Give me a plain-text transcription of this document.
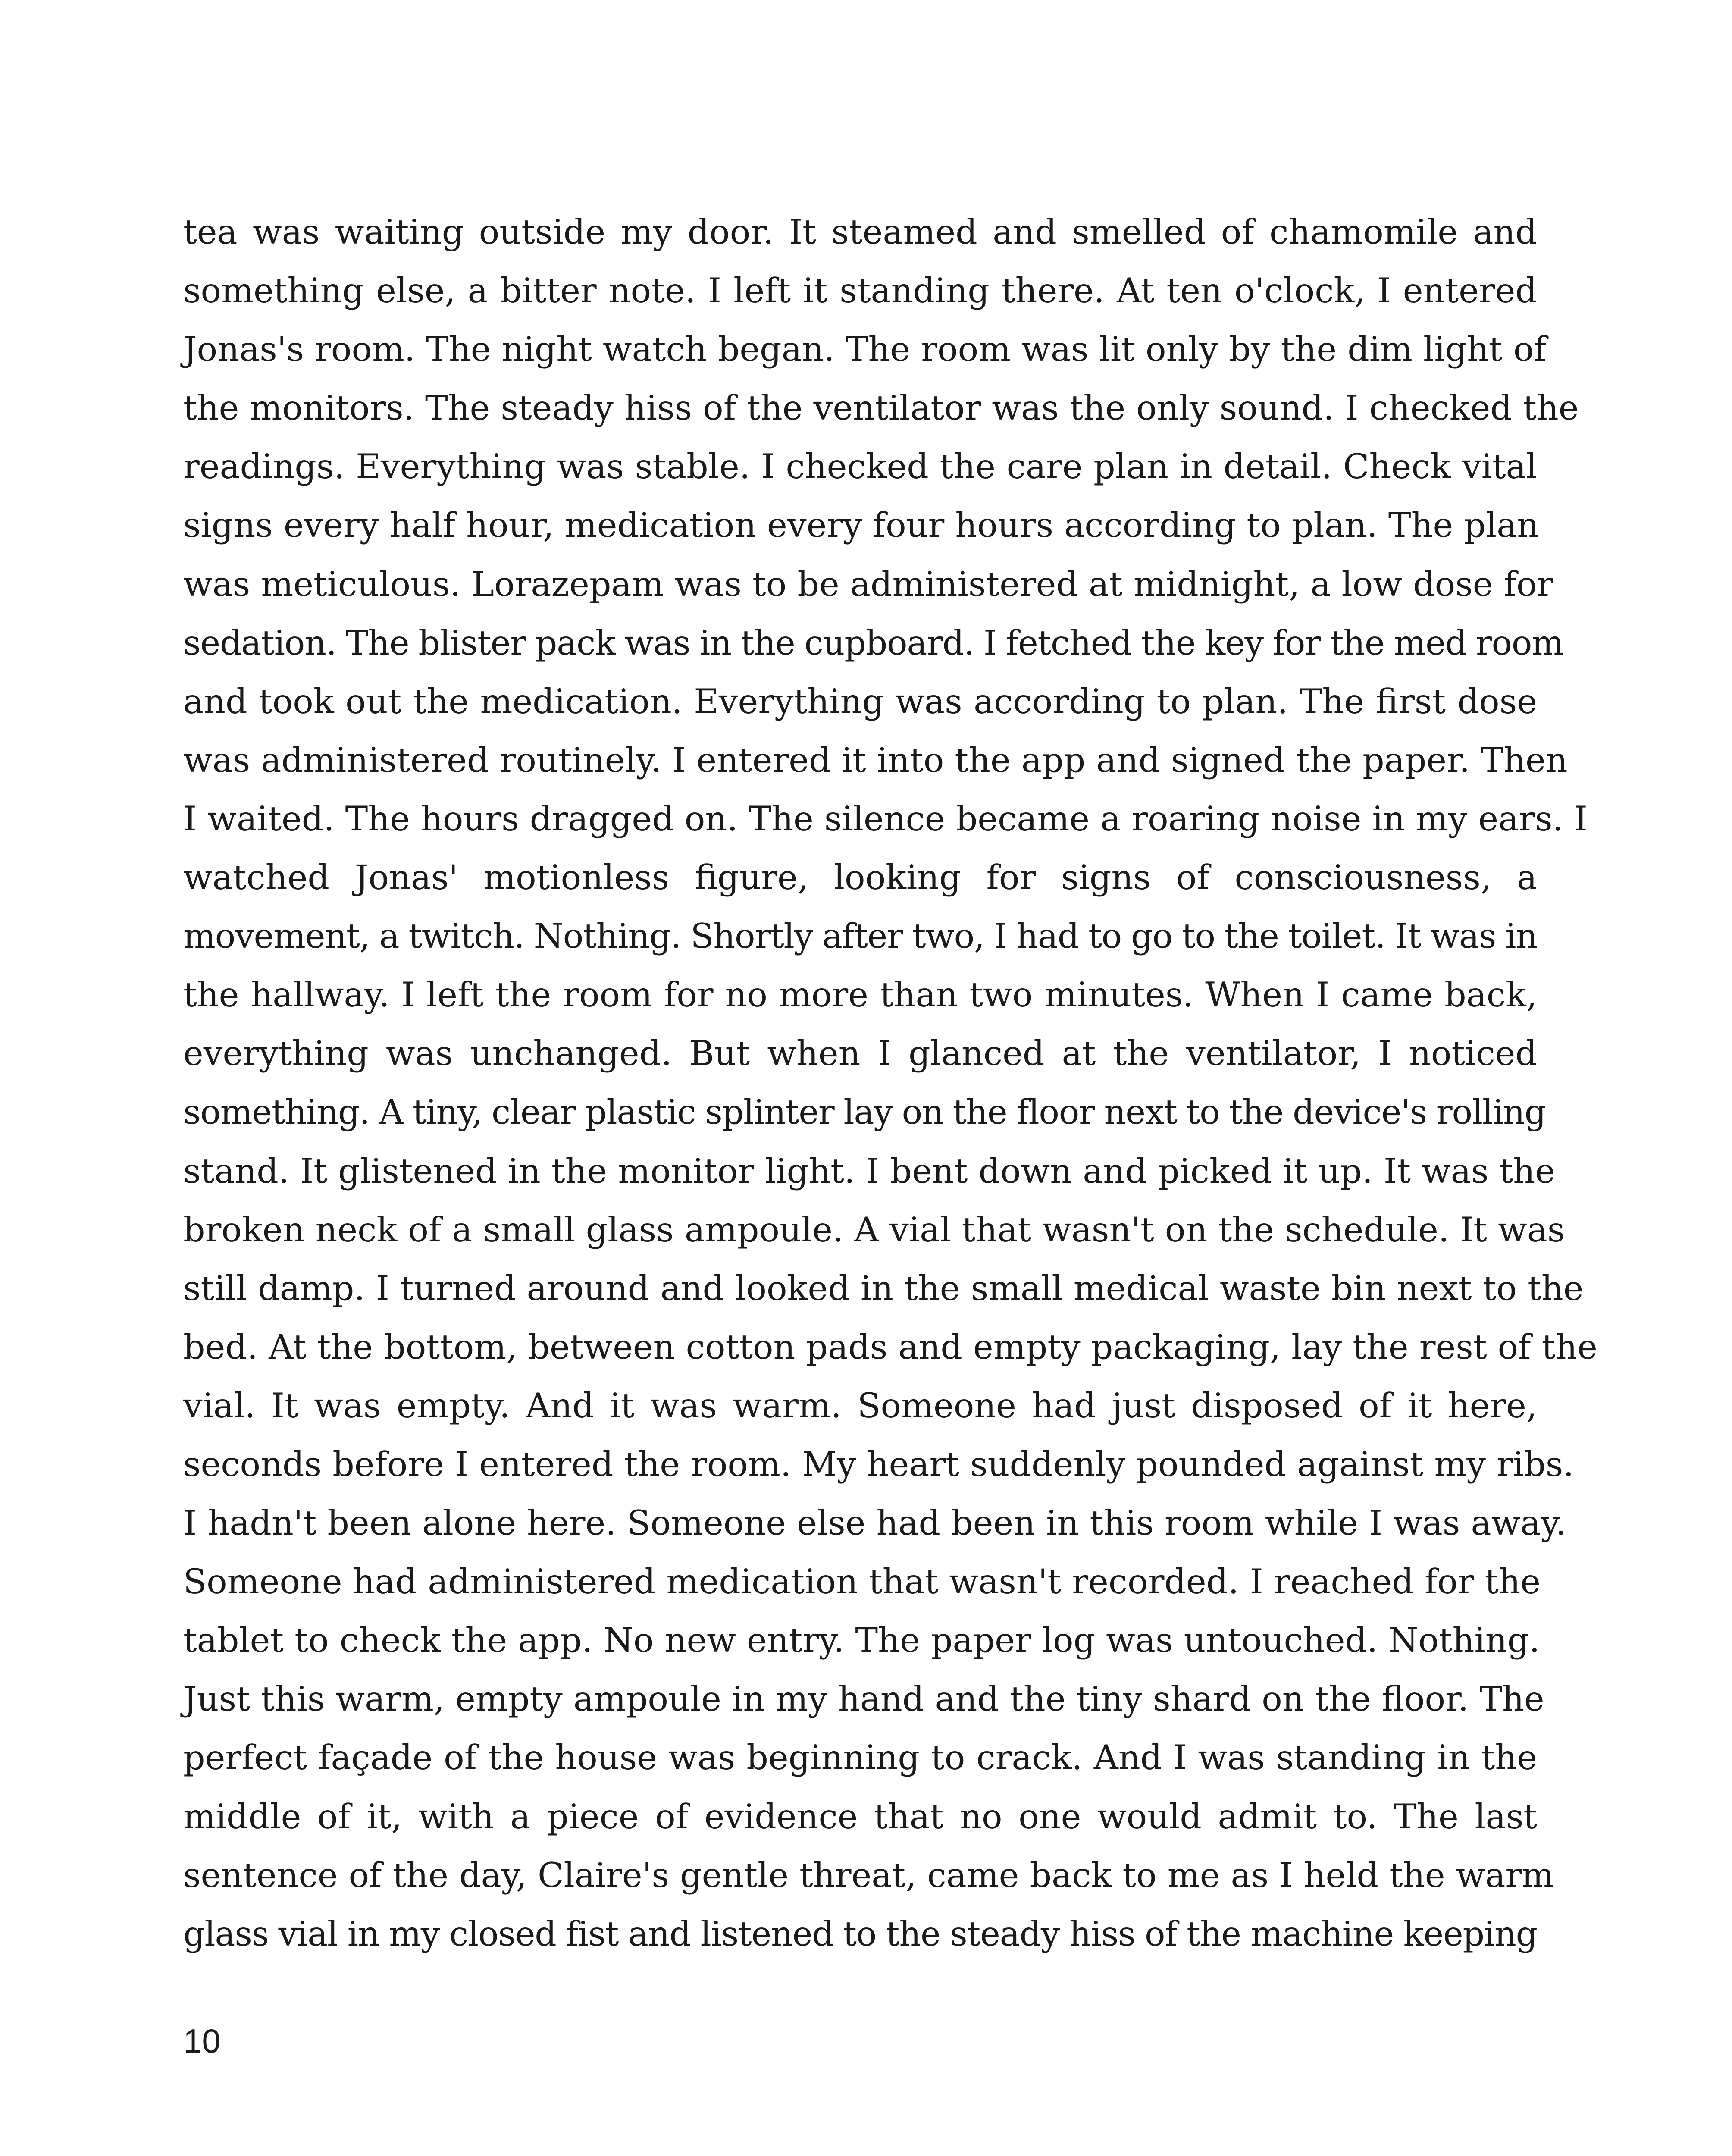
tea was waiting outside my door. It steamed and smelled of chamomile and
something else, a bitter note. I left it standing there. At ten o'clock, I entered
Jonas's room. The night watch began. The room was lit only by the dim light of
the monitors. The steady hiss of the ventilator was the only sound. I checked the
readings. Everything was stable. I checked the care plan in detail. Check vital
signs every half hour, medication every four hours according to plan. The plan
was meticulous. Lorazepam was to be administered at midnight, a low dose for
sedation. The blister pack was in the cupboard. I fetched the key for the med room
and took out the medication. Everything was according to plan. The first dose
was administered routinely. I entered it into the app and signed the paper. Then
I waited. The hours dragged on. The silence became a roaring noise in my ears. I
watched Jonas' motionless figure, looking for signs of consciousness, a
movement, a twitch. Nothing. Shortly after two, I had to go to the toilet. It was in
the hallway. I left the room for no more than two minutes. When I came back,
everything was unchanged. But when I glanced at the ventilator, I noticed
something. A tiny, clear plastic splinter lay on the floor next to the device's rolling
stand. It glistened in the monitor light. I bent down and picked it up. It was the
broken neck of a small glass ampoule. A vial that wasn't on the schedule. It was
still damp. I turned around and looked in the small medical waste bin next to the
bed. At the bottom, between cotton pads and empty packaging, lay the rest of the
vial. It was empty. And it was warm. Someone had just disposed of it here,
seconds before I entered the room. My heart suddenly pounded against my ribs.
I hadn't been alone here. Someone else had been in this room while I was away.
Someone had administered medication that wasn't recorded. I reached for the
tablet to check the app. No new entry. The paper log was untouched. Nothing.
Just this warm, empty ampoule in my hand and the tiny shard on the floor. The
perfect façade of the house was beginning to crack. And I was standing in the
middle of it, with a piece of evidence that no one would admit to. The last
sentence of the day, Claire's gentle threat, came back to me as I held the warm
glass vial in my closed fist and listened to the steady hiss of the machine keeping
10
